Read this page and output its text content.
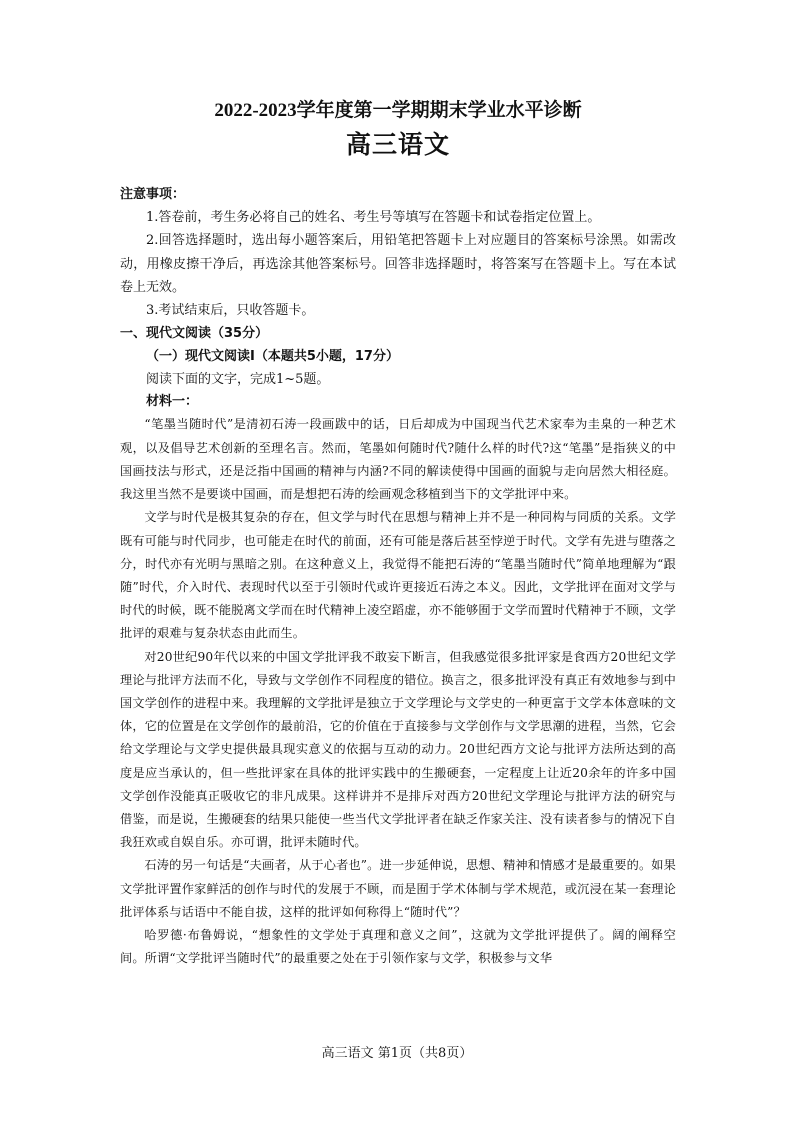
2022-2023学年度第一学期期末学业水平诊断
高三语文
注意事项：

1.答卷前，考生务必将自己的姓名、考生号等填写在答题卡和试卷指定位置上。

2.回答选择题时，选出每小题答案后，用铅笔把答题卡上对应题目的答案标号涂黑。如需改动，用橡皮擦干净后，再选涂其他答案标号。回答非选择题时，将答案写在答题卡上。写在本试卷上无效。

3.考试结束后，只收答题卡。

一、现代文阅读（35分）

（一）现代文阅读Ⅰ（本题共5小题，17分）

阅读下面的文字，完成1~5题。

材料一：

“笔墨当随时代”是清初石涛一段画跋中的话，日后却成为中国现当代艺术家奉为圭臬的一种艺术观，以及倡导艺术创新的至理名言。然而，笔墨如何随时代?随什么样的时代?这“笔墨”是指狭义的中国画技法与形式，还是泛指中国画的精神与内涵?不同的解读使得中国画的面貌与走向居然大相径庭。我这里当然不是要谈中国画，而是想把石涛的绘画观念移植到当下的文学批评中来。

文学与时代是极其复杂的存在，但文学与时代在思想与精神上并不是一种同构与同质的关系。文学既有可能与时代同步，也可能走在时代的前面，还有可能是落后甚至悖逆于时代。文学有先进与堕落之分，时代亦有光明与黑暗之别。在这种意义上，我觉得不能把石涛的“笔墨当随时代”简单地理解为“跟随”时代，介入时代、表现时代以至于引领时代或许更接近石涛之本义。因此，文学批评在面对文学与时代的时候，既不能脱离文学而在时代精神上凌空蹈虚，亦不能够囿于文学而置时代精神于不顾，文学批评的艰难与复杂状态由此而生。

对20世纪90年代以来的中国文学批评我不敢妄下断言，但我感觉很多批评家是食西方20世纪文学理论与批评方法而不化，导致与文学创作不同程度的错位。换言之，很多批评没有真正有效地参与到中国文学创作的进程中来。我理解的文学批评是独立于文学理论与文学史的一种更富于文学本体意味的文体，它的位置是在文学创作的最前沿，它的价值在于直接参与文学创作与文学思潮的进程，当然，它会给文学理论与文学史提供最具现实意义的依据与互动的动力。20世纪西方文论与批评方法所达到的高度是应当承认的，但一些批评家在具体的批评实践中的生搬硬套，一定程度上让近20余年的许多中国文学创作没能真正吸收它的非凡成果。这样讲并不是排斥对西方20世纪文学理论与批评方法的研究与借鉴，而是说，生搬硬套的结果只能使一些当代文学批评者在缺乏作家关注、没有读者参与的情况下自我狂欢或自娱自乐。亦可谓，批评未随时代。

石涛的另一句话是“夫画者，从于心者也”。进一步延伸说，思想、精神和情感才是最重要的。如果文学批评置作家鲜活的创作与时代的发展于不顾，而是囿于学术体制与学术规范，或沉浸在某一套理论批评体系与话语中不能自拔，这样的批评如何称得上“随时代”？

哈罗德·布鲁姆说，“想象性的文学处于真理和意义之间”，这就为文学批评提供了。阔的阐释空间。所谓“文学批评当随时代”的最重要之处在于引领作家与文学，积极参与文华

高三语文 第1页（共8页）
